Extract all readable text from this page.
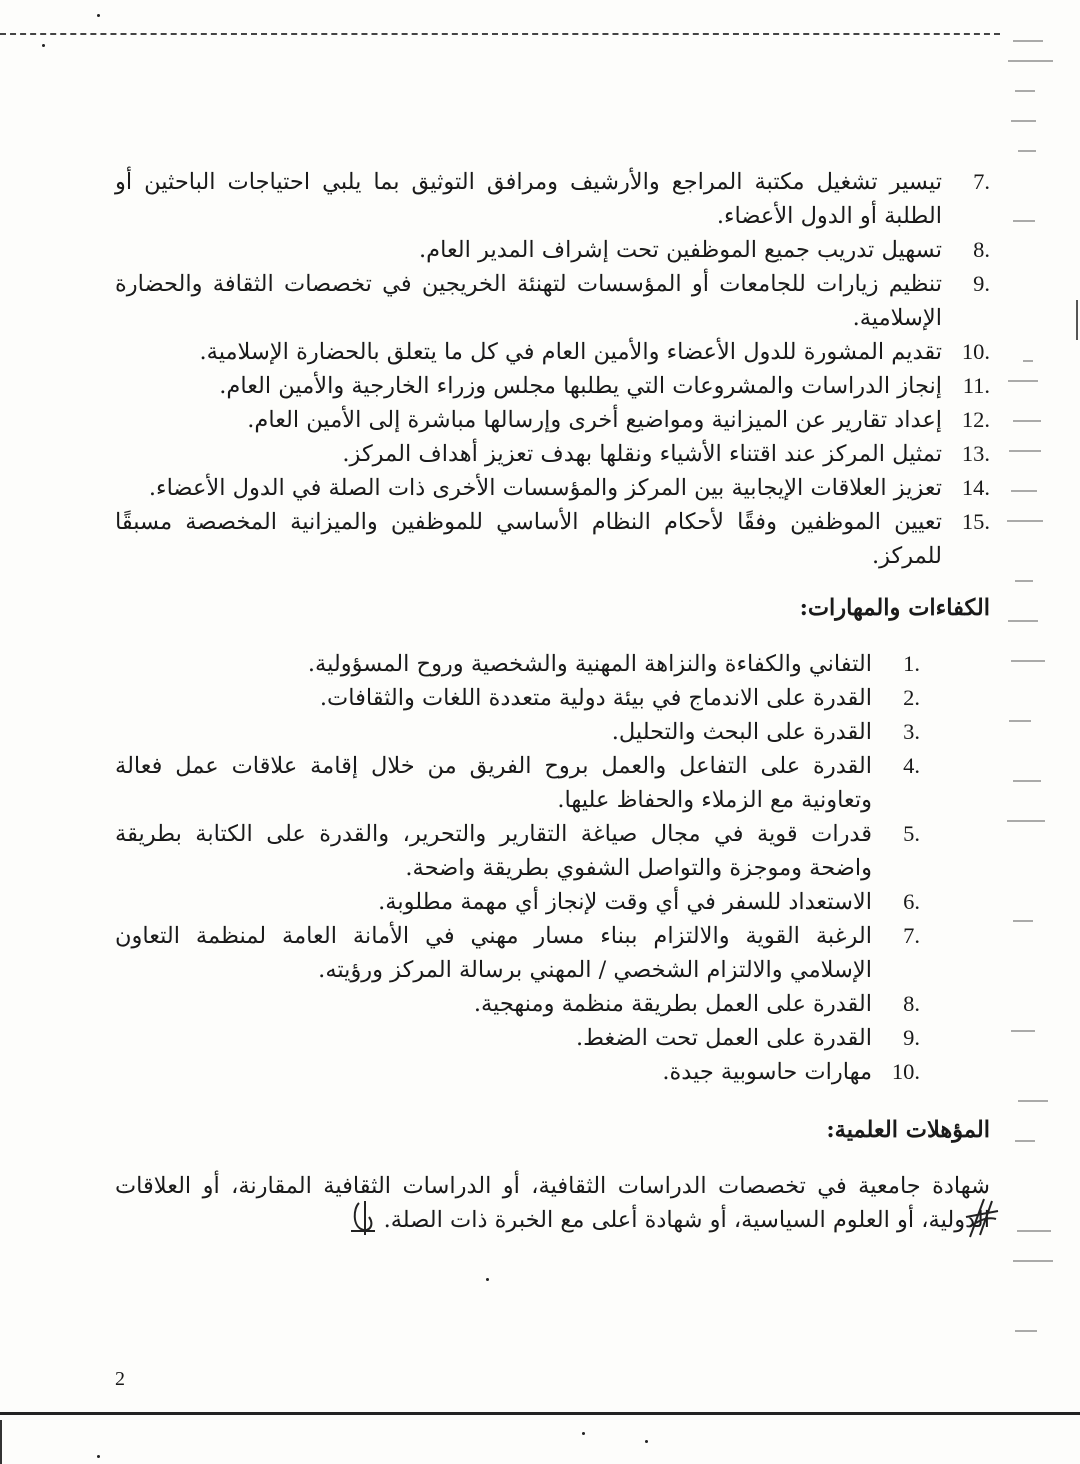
7.
تيسير تشغيل مكتبة المراجع والأرشيف ومرافق التوثيق بما يلبي احتياجات الباحثين أو الطلبة أو الدول الأعضاء.
8.
تسهيل تدريب جميع الموظفين تحت إشراف المدير العام.
9.
تنظيم زيارات للجامعات أو المؤسسات لتهنئة الخريجين في تخصصات الثقافة والحضارة الإسلامية.
10.
تقديم المشورة للدول الأعضاء والأمين العام في كل ما يتعلق بالحضارة الإسلامية.
11.
إنجاز الدراسات والمشروعات التي يطلبها مجلس وزراء الخارجية والأمين العام.
12.
إعداد تقارير عن الميزانية ومواضيع أخرى وإرسالها مباشرة إلى الأمين العام.
13.
تمثيل المركز عند اقتناء الأشياء ونقلها بهدف تعزيز أهداف المركز.
14.
تعزيز العلاقات الإيجابية بين المركز والمؤسسات الأخرى ذات الصلة في الدول الأعضاء.
15.
تعيين الموظفين وفقًا لأحكام النظام الأساسي للموظفين والميزانية المخصصة مسبقًا للمركز.
الكفاءات والمهارات:
1.
التفاني والكفاءة والنزاهة المهنية والشخصية وروح المسؤولية.
2.
القدرة على الاندماج في بيئة دولية متعددة اللغات والثقافات.
3.
القدرة على البحث والتحليل.
4.
القدرة على التفاعل والعمل بروح الفريق من خلال إقامة علاقات عمل فعالة وتعاونية مع الزملاء والحفاظ عليها.
5.
قدرات قوية في مجال صياغة التقارير والتحرير، والقدرة على الكتابة بطريقة واضحة وموجزة والتواصل الشفوي بطريقة واضحة.
6.
الاستعداد للسفر في أي وقت لإنجاز أي مهمة مطلوبة.
7.
الرغبة القوية والالتزام ببناء مسار مهني في الأمانة العامة لمنظمة التعاون الإسلامي والالتزام الشخصي / المهني برسالة المركز ورؤيته.
8.
القدرة على العمل بطريقة منظمة ومنهجية.
9.
القدرة على العمل تحت الضغط.
10.
مهارات حاسوبية جيدة.
المؤهلات العلمية:

شهادة جامعية في تخصصات الدراسات الثقافية، أو الدراسات الثقافية المقارنة، أو العلاقات الدولية، أو العلوم السياسية، أو شهادة أعلى مع الخبرة ذات الصلة.

2
